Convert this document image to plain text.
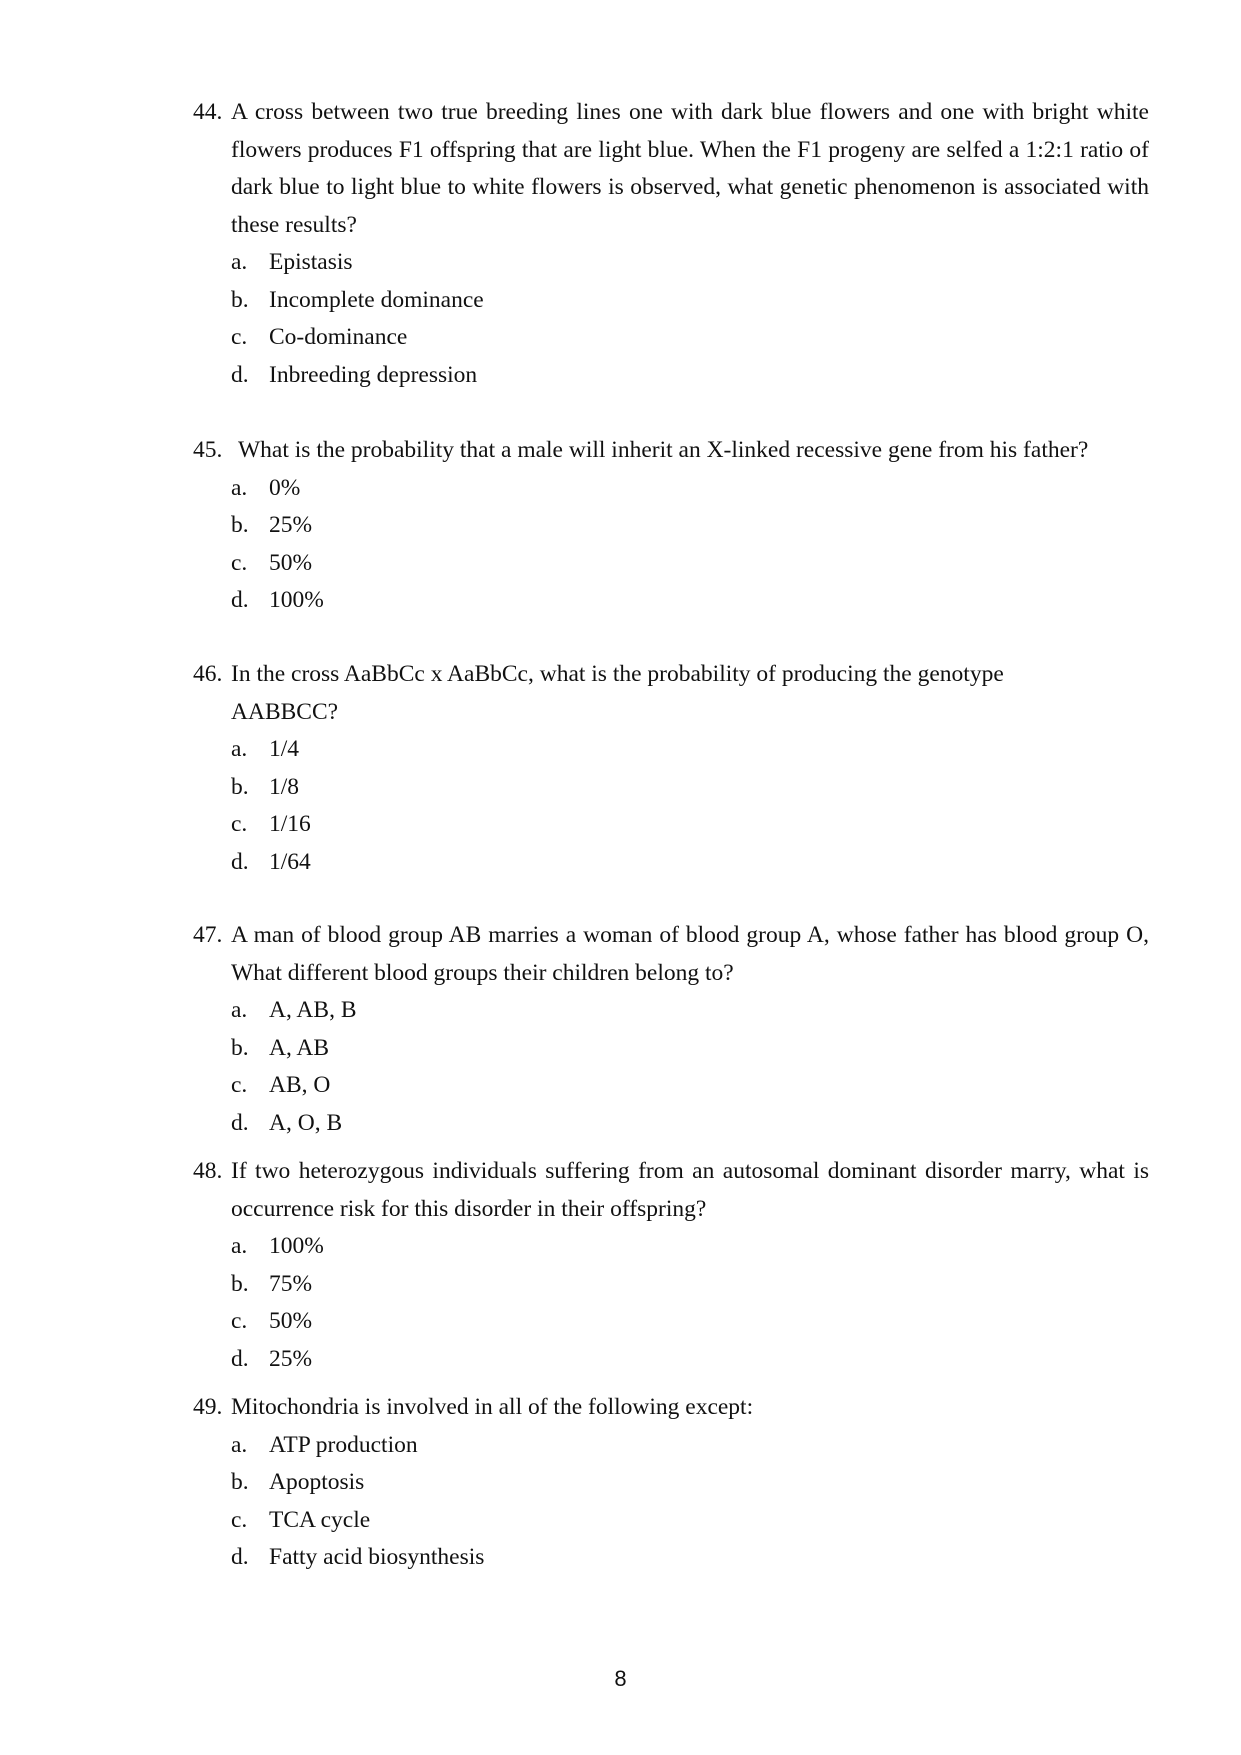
44. A cross between two true breeding lines one with dark blue flowers and one with bright white flowers produces F1 offspring that are light blue. When the F1 progeny are selfed a 1:2:1 ratio of dark blue to light blue to white flowers is observed, what genetic phenomenon is associated with these results?
a. Epistasis
b. Incomplete dominance
c. Co-dominance
d. Inbreeding depression
45. What is the probability that a male will inherit an X-linked recessive gene from his father?
a. 0%
b. 25%
c. 50%
d. 100%
46. In the cross AaBbCc x AaBbCc, what is the probability of producing the genotype AABBCC?
a. 1/4
b. 1/8
c. 1/16
d. 1/64
47. A man of blood group AB marries a woman of blood group A, whose father has blood group O, What different blood groups their children belong to?
a. A, AB, B
b. A, AB
c. AB, O
d. A, O, B
48. If two heterozygous individuals suffering from an autosomal dominant disorder marry, what is occurrence risk for this disorder in their offspring?
a. 100%
b. 75%
c. 50%
d. 25%
49. Mitochondria is involved in all of the following except:
a. ATP production
b. Apoptosis
c. TCA cycle
d. Fatty acid biosynthesis
8
